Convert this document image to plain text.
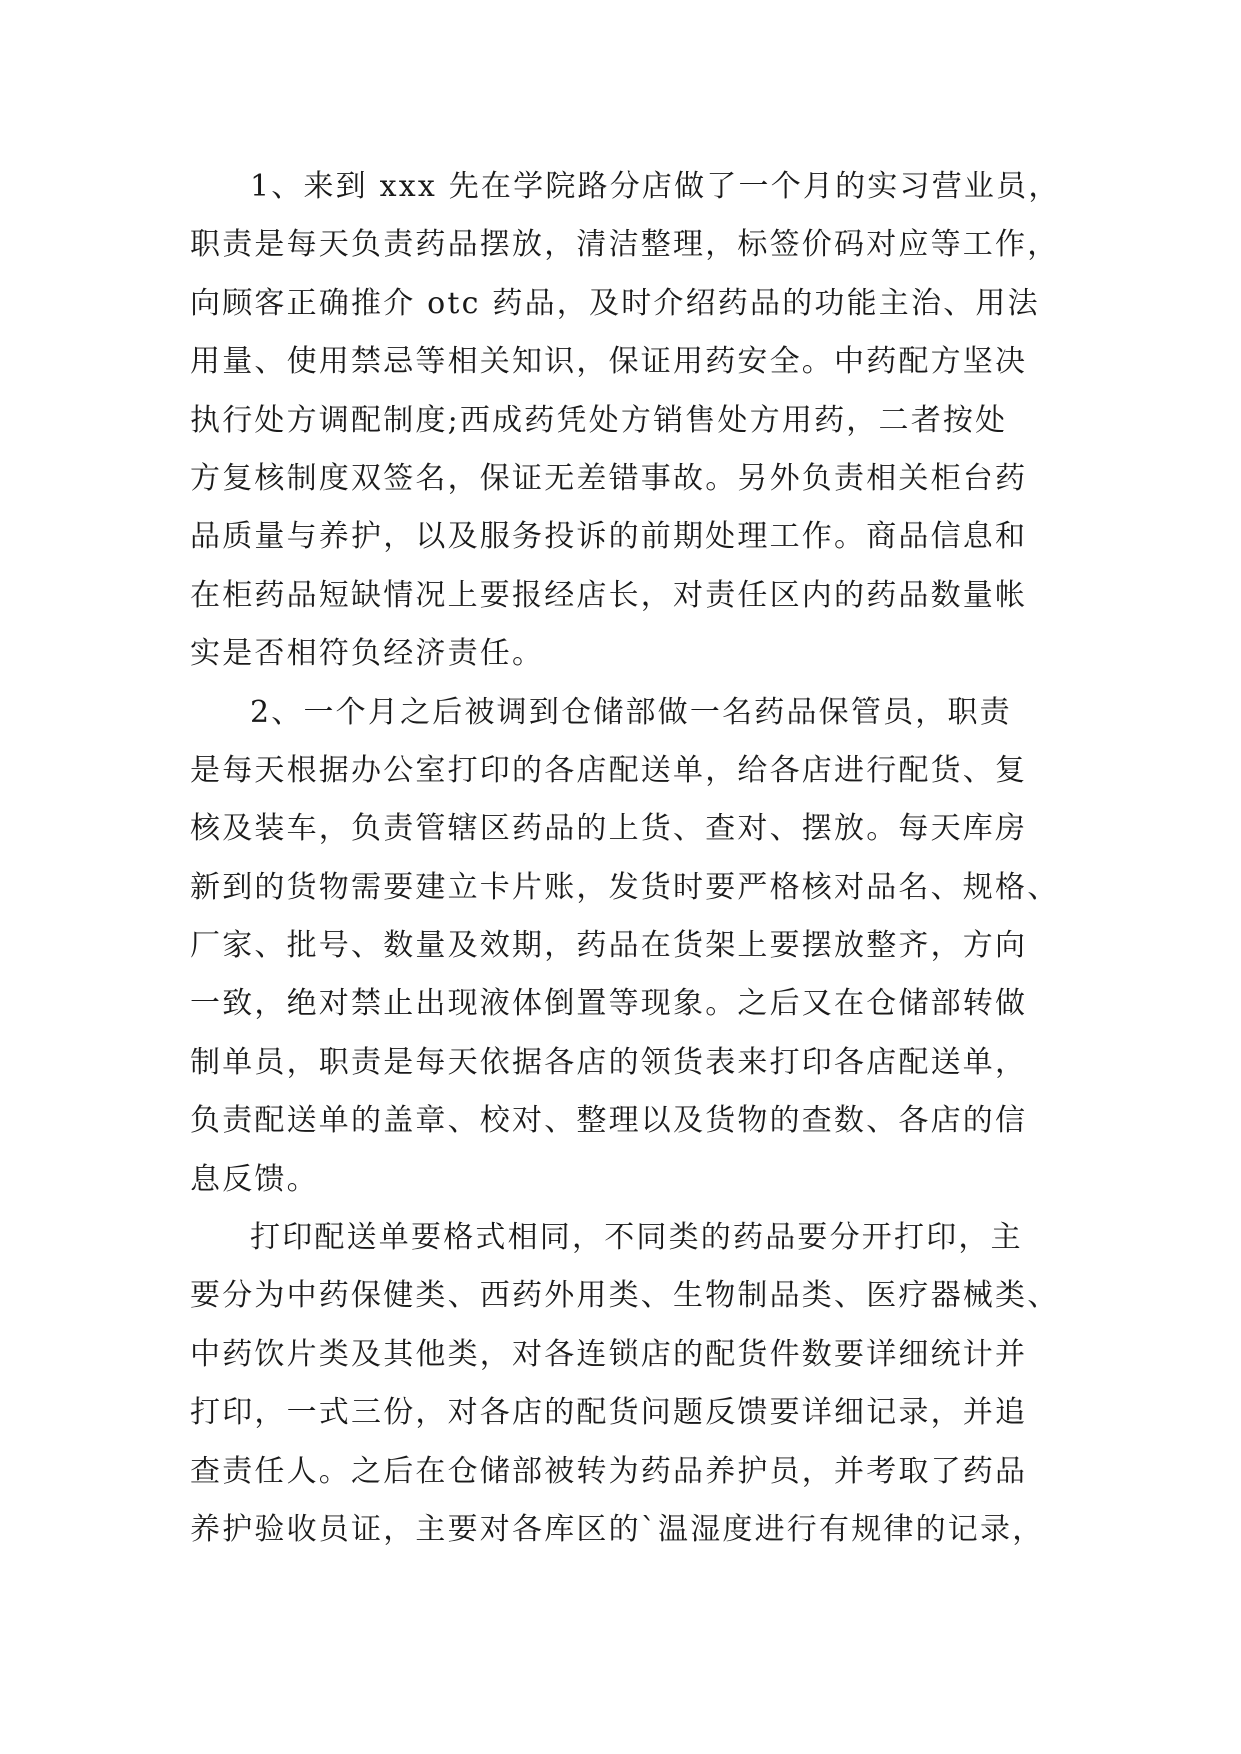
1、来到 xxx 先在学院路分店做了一个月的实习营业员，
职责是每天负责药品摆放，清洁整理，标签价码对应等工作，
向顾客正确推介 otc 药品，及时介绍药品的功能主治、用法
用量、使用禁忌等相关知识，保证用药安全。中药配方坚决
执行处方调配制度;西成药凭处方销售处方用药，二者按处
方复核制度双签名，保证无差错事故。另外负责相关柜台药
品质量与养护，以及服务投诉的前期处理工作。商品信息和
在柜药品短缺情况上要报经店长，对责任区内的药品数量帐
实是否相符负经济责任。
2、一个月之后被调到仓储部做一名药品保管员，职责
是每天根据办公室打印的各店配送单，给各店进行配货、复
核及装车，负责管辖区药品的上货、查对、摆放。每天库房
新到的货物需要建立卡片账，发货时要严格核对品名、规格、
厂家、批号、数量及效期，药品在货架上要摆放整齐，方向
一致，绝对禁止出现液体倒置等现象。之后又在仓储部转做
制单员，职责是每天依据各店的领货表来打印各店配送单，
负责配送单的盖章、校对、整理以及货物的查数、各店的信
息反馈。
打印配送单要格式相同，不同类的药品要分开打印，主
要分为中药保健类、西药外用类、生物制品类、医疗器械类、
中药饮片类及其他类，对各连锁店的配货件数要详细统计并
打印，一式三份，对各店的配货问题反馈要详细记录，并追
查责任人。之后在仓储部被转为药品养护员，并考取了药品
养护验收员证，主要对各库区的`温湿度进行有规律的记录，
